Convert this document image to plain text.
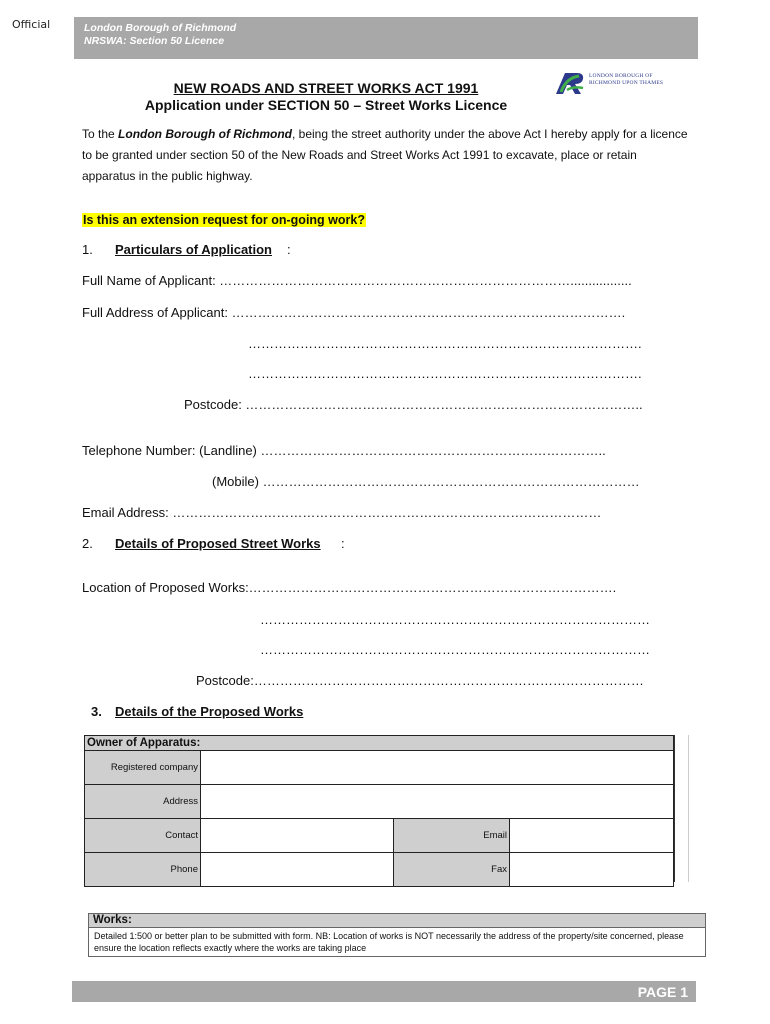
Official	London Borough of Richmond
NRSWA: Section 50 Licence
NEW ROADS AND STREET WORKS ACT 1991
Application under SECTION 50 – Street Works Licence
LONDON BOROUGH OF
RICHMOND UPON THAMES
To the London Borough of Richmond, being the street authority under the above Act I hereby apply for a licence to be granted under section 50 of the New Roads and Street Works Act 1991 to excavate, place or retain apparatus in the public highway.
Is this an extension request for on-going work?
1. Particulars of Application :
Full Name of Applicant: ……………………………………………………………………….................
Full Address of Applicant: ……………………………………………………………………………….
……………………………………………………………………………….
……………………………………………………………………………….
Postcode: ………………………………………………………………………………..
Telephone Number: (Landline) ……………………………………………………………………..
(Mobile) ……………………………………………………………………………
Email Address: ………………………………………………………………………………………
2. Details of Proposed Street Works :
Location of Proposed Works:………………………………………………………………………….
………………………………………………………………………………
………………………………………………………………………………
Postcode:………………………………………………………………………………
3. Details of the Proposed Works
Owner of Apparatus:			
Registered company			
Address			
Contact		Email	
Phone		Fax	
Works:
Detailed 1:500 or better plan to be submitted with form. NB: Location of works is NOT necessarily the address of the property/site concerned, please ensure the location reflects exactly where the works are taking place
PAGE 1
